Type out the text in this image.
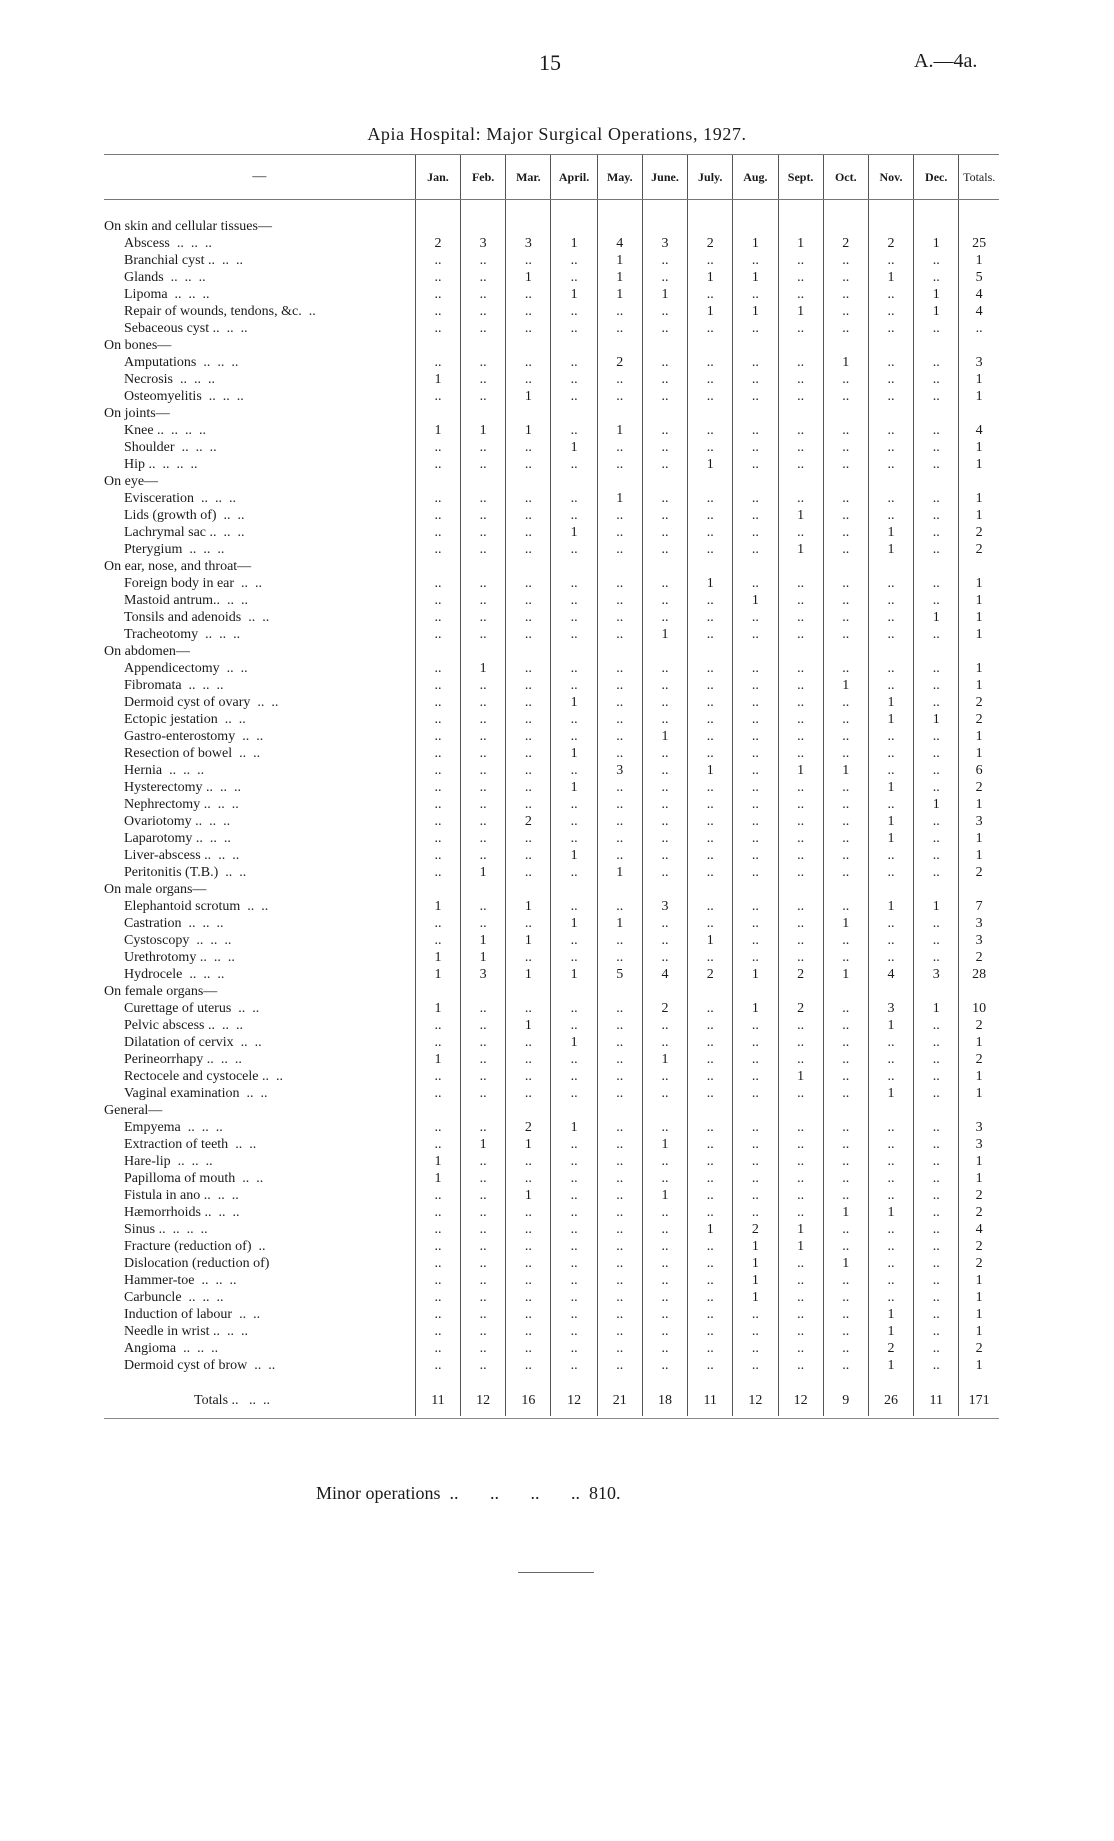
15	A.—4a.
Apia Hospital: Major Surgical Operations, 1927.
—	Jan.	Feb.	Mar.	April.	May.	June.	July.	Aug.	Sept.	Oct.	Nov.	Dec.	Totals.

On skin and cellular tissues—													
Abscess ..  ..  ..	2	3	3	1	4	3	2	1	1	2	2	1	25
Branchial cyst .. ..  ..	..	..	..	..	1	..	..	..	..	..	..	..	1
Glands ..  ..  ..	..	..	1	..	1	..	1	1	..	..	1	..	5
Lipoma ..  ..  ..	..	..	..	1	1	1	..	..	..	..	..	1	4
Repair of wounds, tendons, &c. ..	..	..	..	..	..	..	1	1	1	..	..	1	4
Sebaceous cyst .. ..  ..	..	..	..	..	..	..	..	..	..	..	..	..	..
On bones—													
Amputations ..  ..  ..	..	..	..	..	2	..	..	..	..	1	..	..	3
Necrosis ..  ..  ..	1	..	..	..	..	..	..	..	..	..	..	..	1
Osteomyelitis ..  ..  ..	..	..	1	..	..	..	..	..	..	..	..	..	1
On joints—													
Knee .. ..  ..  ..	1	1	1	..	1	..	..	..	..	..	..	..	4
Shoulder ..  ..  ..	..	..	..	1	..	..	..	..	..	..	..	..	1
Hip .. ..  ..  ..	..	..	..	..	..	..	1	..	..	..	..	..	1
On eye—													
Evisceration ..  ..  ..	..	..	..	..	1	..	..	..	..	..	..	..	1
Lids (growth of) ..  ..	..	..	..	..	..	..	..	..	1	..	..	..	1
Lachrymal sac .. ..  ..	..	..	..	1	..	..	..	..	..	..	1	..	2
Pterygium ..  ..  ..	..	..	..	..	..	..	..	..	1	..	1	..	2
On ear, nose, and throat—													
Foreign body in ear ..  ..	..	..	..	..	..	..	1	..	..	..	..	..	1
Mastoid antrum.. ..  ..	..	..	..	..	..	..	..	1	..	..	..	..	1
Tonsils and adenoids ..  ..	..	..	..	..	..	..	..	..	..	..	..	1	1
Tracheotomy ..  ..  ..	..	..	..	..	..	1	..	..	..	..	..	..	1
On abdomen—													
Appendicectomy ..  ..	..	1	..	..	..	..	..	..	..	..	..	..	1
Fibromata ..  ..  ..	..	..	..	..	..	..	..	..	..	1	..	..	1
Dermoid cyst of ovary ..  ..	..	..	..	1	..	..	..	..	..	..	1	..	2
Ectopic jestation ..  ..	..	..	..	..	..	..	..	..	..	..	1	1	2
Gastro-enterostomy ..  ..	..	..	..	..	..	1	..	..	..	..	..	..	1
Resection of bowel ..  ..	..	..	..	1	..	..	..	..	..	..	..	..	1
Hernia ..  ..  ..	..	..	..	..	3	..	1	..	1	1	..	..	6
Hysterectomy .. ..  ..	..	..	..	1	..	..	..	..	..	..	1	..	2
Nephrectomy .. ..  ..	..	..	..	..	..	..	..	..	..	..	..	1	1
Ovariotomy .. ..  ..	..	..	2	..	..	..	..	..	..	..	1	..	3
Laparotomy .. ..  ..	..	..	..	..	..	..	..	..	..	..	1	..	1
Liver-abscess .. ..  ..	..	..	..	1	..	..	..	..	..	..	..	..	1
Peritonitis (T.B.) ..  ..	..	1	..	..	1	..	..	..	..	..	..	..	2
On male organs—													
Elephantoid scrotum ..  ..	1	..	1	..	..	3	..	..	..	..	1	1	7
Castration ..  ..  ..	..	..	..	1	1	..	..	..	..	1	..	..	3
Cystoscopy ..  ..  ..	..	1	1	..	..	..	1	..	..	..	..	..	3
Urethrotomy .. ..  ..	1	1	..	..	..	..	..	..	..	..	..	..	2
Hydrocele ..  ..  ..	1	3	1	1	5	4	2	1	2	1	4	3	28
On female organs—													
Curettage of uterus ..  ..	1	..	..	..	..	2	..	1	2	..	3	1	10
Pelvic abscess .. ..  ..	..	..	1	..	..	..	..	..	..	..	1	..	2
Dilatation of cervix ..  ..	..	..	..	1	..	..	..	..	..	..	..	..	1
Perineorrhapy .. ..  ..	1	..	..	..	..	1	..	..	..	..	..	..	2
Rectocele and cystocele .. ..	..	..	..	..	..	..	..	..	1	..	..	..	1
Vaginal examination ..  ..	..	..	..	..	..	..	..	..	..	..	1	..	1
General—													
Empyema ..  ..  ..	..	..	2	1	..	..	..	..	..	..	..	..	3
Extraction of teeth ..  ..	..	1	1	..	..	1	..	..	..	..	..	..	3
Hare-lip ..  ..  ..	1	..	..	..	..	..	..	..	..	..	..	..	1
Papilloma of mouth ..  ..	1	..	..	..	..	..	..	..	..	..	..	..	1
Fistula in ano .. ..  ..	..	..	1	..	..	1	..	..	..	..	..	..	2
Hæmorrhoids .. ..  ..	..	..	..	..	..	..	..	..	..	1	1	..	2
Sinus .. ..  ..  ..	..	..	..	..	..	..	1	2	1	..	..	..	4
Fracture (reduction of) ..	..	..	..	..	..	..	..	1	1	..	..	..	2
Dislocation (reduction of)	..	..	..	..	..	..	..	1	..	1	..	..	2
Hammer-toe ..  ..  ..	..	..	..	..	..	..	..	1	..	..	..	..	1
Carbuncle ..  ..  ..	..	..	..	..	..	..	..	1	..	..	..	..	1
Induction of labour ..  ..	..	..	..	..	..	..	..	..	..	..	1	..	1
Needle in wrist .. ..  ..	..	..	..	..	..	..	..	..	..	..	1	..	1
Angioma ..  ..  ..	..	..	..	..	..	..	..	..	..	..	2	..	2
Dermoid cyst of brow ..  ..	..	..	..	..	..	..	..	..	..	..	1	..	1

Totals .. ..  ..	11	12	16	12	21	18	11	12	12	9	26	11	171
Minor operations  ..       ..       ..       ..  810.
